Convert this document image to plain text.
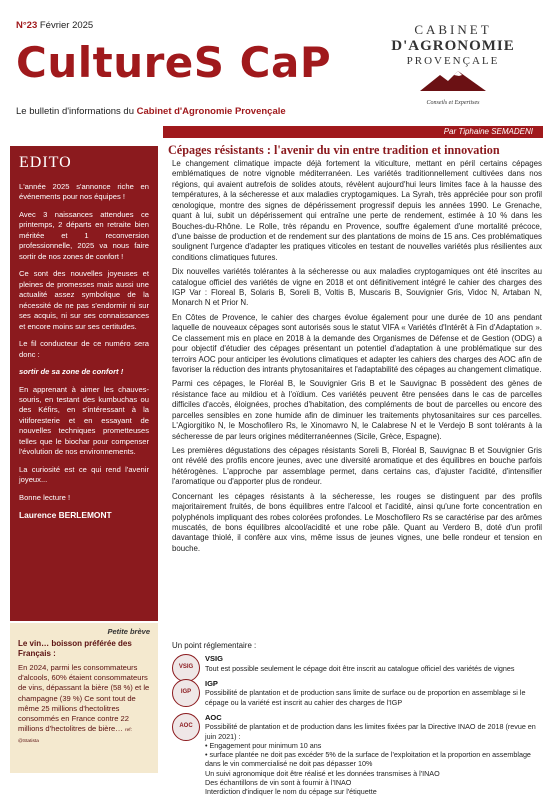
N°23 Février 2025
CultureS CaP
Le bulletin d'informations du Cabinet d'Agronomie Provençale
CABINET
D'AGRONOMIE
PROVENÇALE
Conseils et Expertises
Par Tiphaine SEMADENI
EDITO

L'année 2025 s'annonce riche en événements pour nos équipes !

Avec 3 naissances attendues ce printemps, 2 départs en retraite bien méritée et 1 reconversion professionnelle, 2025 va nous faire sortir de nos zones de confort !

Ce sont des nouvelles joyeuses et pleines de promesses mais aussi une actualité assez symbolique de la nécessité de ne pas s'endormir ni sur ses acquis, ni sur ses connaissances et encore moins sur ses certitudes.

Le fil conducteur de ce numéro sera donc :

sortir de sa zone de confort !

En apprenant à aimer les chauves-souris, en testant des kumbuchas ou des Kéfirs, en s'intéressant à la vitiforesterie et en essayant de nouvelles techniques prometteuses telles que le biochar pour compenser l'évolution de nos environnements.

La curiosité est ce qui rend l'avenir joyeux...

Bonne lecture !

Laurence BERLEMONT

Petite brève
Le vin… boisson préférée des Français :

En 2024, parmi les consommateurs d'alcools, 60% étaient consommateurs de vins, dépassant la bière (58 %) et le champagne (39 %) Ce sont tout de même 25 millions d'hectolitres consommés en France contre 22 millions d'hectolitres de bière… ref: @Statista

Cépages résistants : l'avenir du vin entre tradition et innovation

Le changement climatique impacte déjà fortement la viticulture, mettant en péril certains cépages emblématiques de notre vignoble méditerranéen. Les variétés traditionnellement cultivées dans nos régions, qui avaient autrefois de solides atouts, révèlent aujourd'hui leurs limites face à la hausse des températures, à la sécheresse et aux maladies cryptogamiques. La Syrah, très appréciée pour son profil œnologique, montre des signes de dépérissement progressif depuis les années 1990. Le Grenache, quant à lui, subit un dépérissement qui entraîne une perte de rendement, estimée à 10 % dans les Bouches-du-Rhône. Le Rolle, très répandu en Provence, souffre également d'une mortalité précoce, d'une baisse de production et de rendement sur des plantations de moins de 15 ans. Ces problématiques soulignent l'urgence d'adapter les pratiques viticoles en testant de nouvelles variétés plus résilientes aux conditions climatiques futures.

Dix nouvelles variétés tolérantes à la sécheresse ou aux maladies cryptogamiques ont été inscrites au catalogue officiel des variétés de vigne en 2018 et ont définitivement intégré le cahier des charges des IGP Var : Floreal B, Solaris B, Soreli B, Voltis B, Muscaris B, Souvignier Gris, Vidoc N, Artaban N, Monarch N et Prior N.

En Côtes de Provence, le cahier des charges évolue également pour une durée de 10 ans pendant laquelle de nouveaux cépages sont autorisés sous le statut VIFA « Variétés d'Intérêt à Fin d'Adaptation ». Ce classement mis en place en 2018 à la demande des Organismes de Défense et de Gestion (ODG) a pour objectif d'étudier des cépages présentant un potentiel d'adaptation à une problématique sur des terroirs AOC pour anticiper les évolutions climatiques et adapter les cahiers des charges des AOC afin de favoriser la réduction des intrants phytosanitaires et l'adaptabilité des cépages au changement climatique.

Parmi ces cépages, le Floréal B, le Souvignier Gris B et le Sauvignac B possèdent des gènes de résistance face au mildiou et à l'oïdium. Ces variétés peuvent être pensées dans le cas de parcelles difficiles d'accès, éloignées, proches d'habitation, des compléments de bout de parcelles ou encore des parcelles sensibles en zone humide afin de diminuer les traitements phytosanitaires sur ces parcelles. L'Agiorgitiko N, le Moschofilero Rs, le Xinomavro N, le Calabrese N et le Verdejo B sont tolérants à la sécheresse de par leurs origines méditerranéennes (Sicile, Grèce, Espagne).

Les premières dégustations des cépages résistants Soreli B, Floréal B, Sauvignac B et Souvignier Gris ont révélé des profils encore jeunes, avec une diversité aromatique et des équilibres en bouche parfois hétérogènes. L'approche par assemblage permet, dans certains cas, d'ajuster l'acidité, d'intensifier l'aromatique ou d'apporter plus de rondeur.

Concernant les cépages résistants à la sécheresse, les rouges se distinguent par des profils majoritairement fruités, de bons équilibres entre l'alcool et l'acidité, ainsi qu'une forte concentration en polyphénols impliquant des robes colorées profondes. Le Moschofilero Rs se caractérise par des arômes muscatés, de bons équilibres alcool/acidité et une robe pâle. Quant au Verdero B, doté d'un profil davantage thiolé, il confère aux vins, même issus de jeunes vignes, une belle rondeur et tension en bouche.

Un point réglementaire :
VSIG
VSIG
Tout est possible seulement le cépage doit être inscrit au catalogue officiel des variétés de vignes
IGP
IGP
Possibilité de plantation et de production sans limite de surface ou de proportion en assemblage si le cépage ou la variété est inscrit au cahier des charges de l'IGP
AOC
AOC
Possibilité de plantation et de production dans les limites fixées par la Directive INAO de 2018 (revue en juin 2021) :
• Engagement pour minimum 10 ans
• surface plantée ne doit pas excéder 5% de la surface de l'exploitation et la proportion en assemblage dans le vin commercialisé ne doit pas dépasser 10%
Un suivi agronomique doit être réalisé et les données transmises à l'INAO
Des échantillons de vin sont à fournir à l'INAO
Interdiction d'indiquer le nom du cépage sur l'étiquette
